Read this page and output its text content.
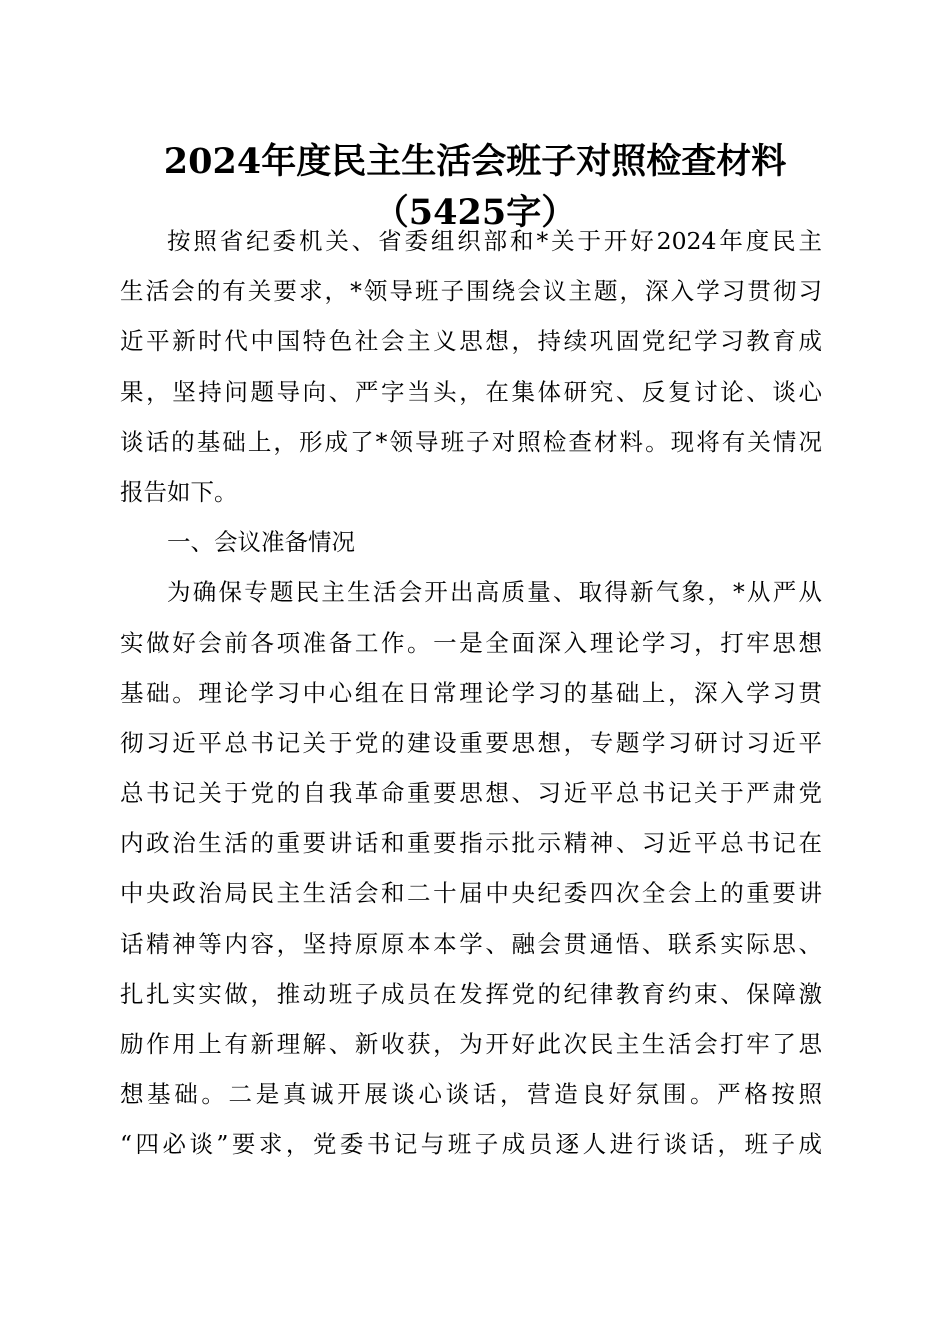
2024年度民主生活会班子对照检查材料
（5425字）
按照省纪委机关、省委组织部和*关于开好2024年度民主
生活会的有关要求，*领导班子围绕会议主题，深入学习贯彻习
近平新时代中国特色社会主义思想，持续巩固党纪学习教育成
果，坚持问题导向、严字当头，在集体研究、反复讨论、谈心
谈话的基础上，形成了*领导班子对照检查材料。现将有关情况
报告如下。
一、会议准备情况
为确保专题民主生活会开出高质量、取得新气象，*从严从
实做好会前各项准备工作。一是全面深入理论学习，打牢思想
基础。理论学习中心组在日常理论学习的基础上，深入学习贯
彻习近平总书记关于党的建设重要思想，专题学习研讨习近平
总书记关于党的自我革命重要思想、习近平总书记关于严肃党
内政治生活的重要讲话和重要指示批示精神、习近平总书记在
中央政治局民主生活会和二十届中央纪委四次全会上的重要讲
话精神等内容，坚持原原本本学、融会贯通悟、联系实际思、
扎扎实实做，推动班子成员在发挥党的纪律教育约束、保障激
励作用上有新理解、新收获，为开好此次民主生活会打牢了思
想基础。二是真诚开展谈心谈话，营造良好氛围。严格按照
“四必谈”要求，党委书记与班子成员逐人进行谈话，班子成
